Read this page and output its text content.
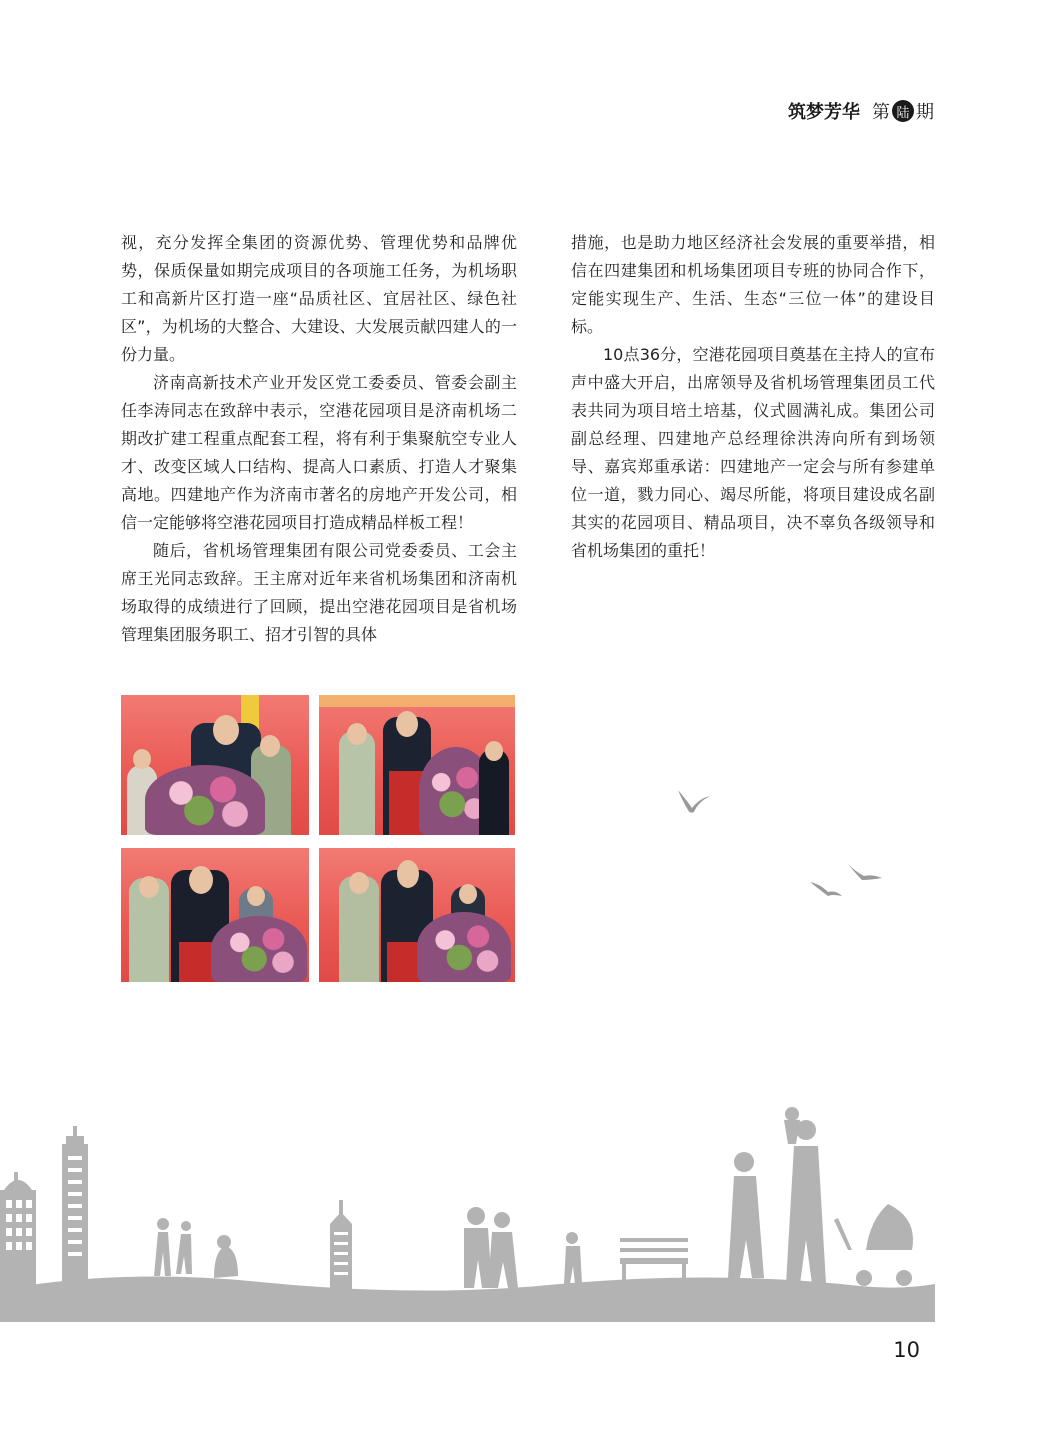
筑梦芳华 第 陆 期

视，充分发挥全集团的资源优势、管理优势和品牌优势，保质保量如期完成项目的各项施工任务，为机场职工和高新片区打造一座“品质社区、宜居社区、绿色社区”，为机场的大整合、大建设、大发展贡献四建人的一份力量。

济南高新技术产业开发区党工委委员、管委会副主任李涛同志在致辞中表示，空港花园项目是济南机场二期改扩建工程重点配套工程，将有利于集聚航空专业人才、改变区域人口结构、提高人口素质、打造人才聚集高地。四建地产作为济南市著名的房地产开发公司，相信一定能够将空港花园项目打造成精品样板工程！

随后，省机场管理集团有限公司党委委员、工会主席王光同志致辞。王主席对近年来省机场集团和济南机场取得的成绩进行了回顾，提出空港花园项目是省机场管理集团服务职工、招才引智的具体

措施，也是助力地区经济社会发展的重要举措，相信在四建集团和机场集团项目专班的协同合作下，定能实现生产、生活、生态“三位一体”的建设目标。

10点36分，空港花园项目奠基在主持人的宣布声中盛大开启，出席领导及省机场管理集团员工代表共同为项目培土培基，仪式圆满礼成。集团公司副总经理、四建地产总经理徐洪涛向所有到场领导、嘉宾郑重承诺：四建地产一定会与所有参建单位一道，戮力同心、竭尽所能，将项目建设成名副其实的花园项目、精品项目，决不辜负各级领导和省机场集团的重托！

10
